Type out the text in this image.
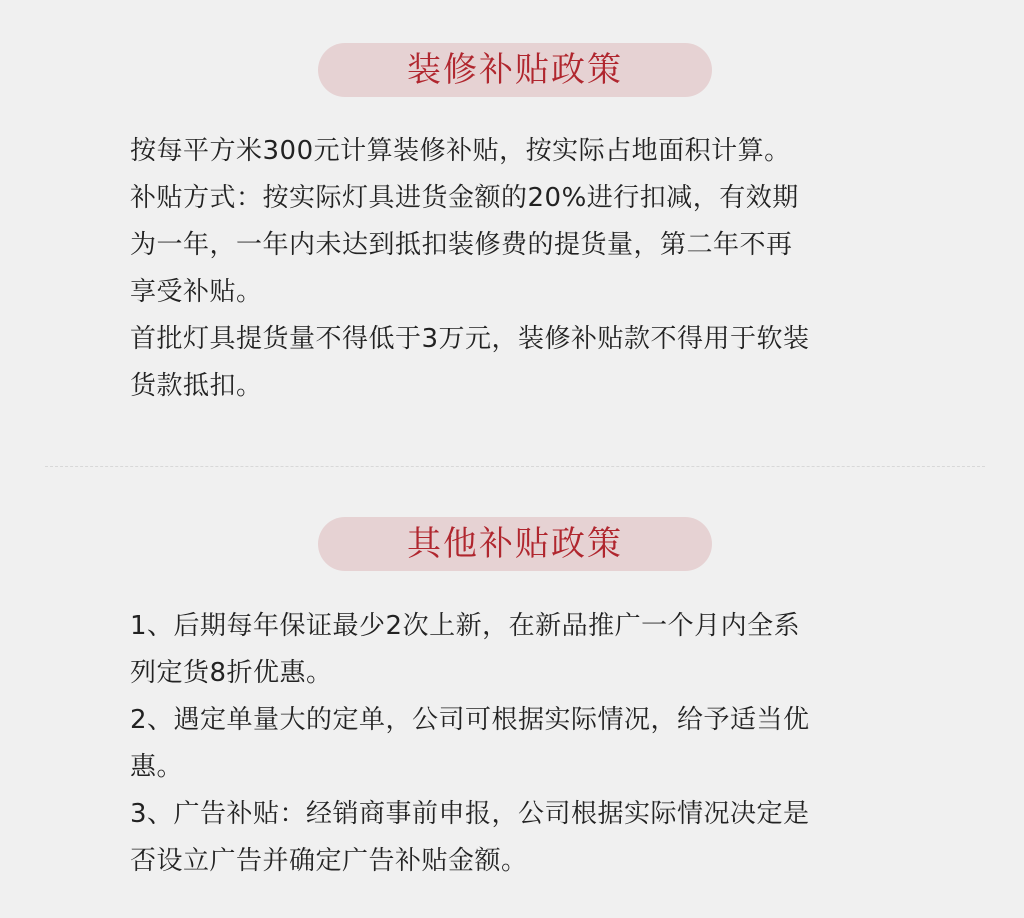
装修补贴政策
按每平方米300元计算装修补贴，按实际占地面积计算。
补贴方式：按实际灯具进货金额的20%进行扣减，有效期
为一年，一年内未达到抵扣装修费的提货量，第二年不再
享受补贴。
首批灯具提货量不得低于3万元，装修补贴款不得用于软装
货款抵扣。
其他补贴政策
1、后期每年保证最少2次上新，在新品推广一个月内全系
列定货8折优惠。
2、遇定单量大的定单，公司可根据实际情况，给予适当优
惠。
3、广告补贴：经销商事前申报，公司根据实际情况决定是
否设立广告并确定广告补贴金额。
